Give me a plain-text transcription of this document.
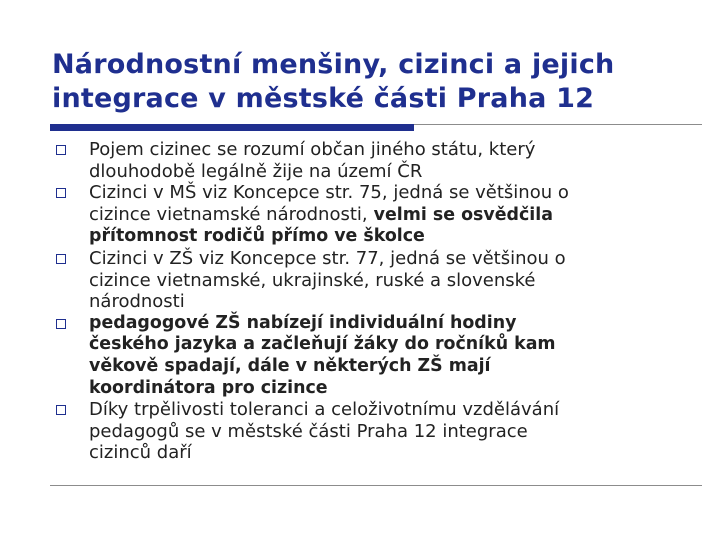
Národnostní menšiny, cizinci a jejich
integrace v městské části Praha 12
Pojem cizinec se rozumí občan jiného státu, který
dlouhodobě legálně žije na území ČR
Cizinci v MŠ viz Koncepce str. 75, jedná se většinou o
cizince vietnamské národnosti, velmi se osvědčila
přítomnost rodičů přímo ve školce
Cizinci v ZŠ viz Koncepce str. 77, jedná se většinou o
cizince vietnamské, ukrajinské, ruské a slovenské
národnosti
pedagogové ZŠ nabízejí individuální hodiny
českého jazyka a začleňují žáky do ročníků kam
věkově spadají, dále v některých ZŠ mají
koordinátora pro cizince
Díky trpělivosti toleranci a celoživotnímu vzdělávání
pedagogů se v městské části Praha 12 integrace
cizinců daří
